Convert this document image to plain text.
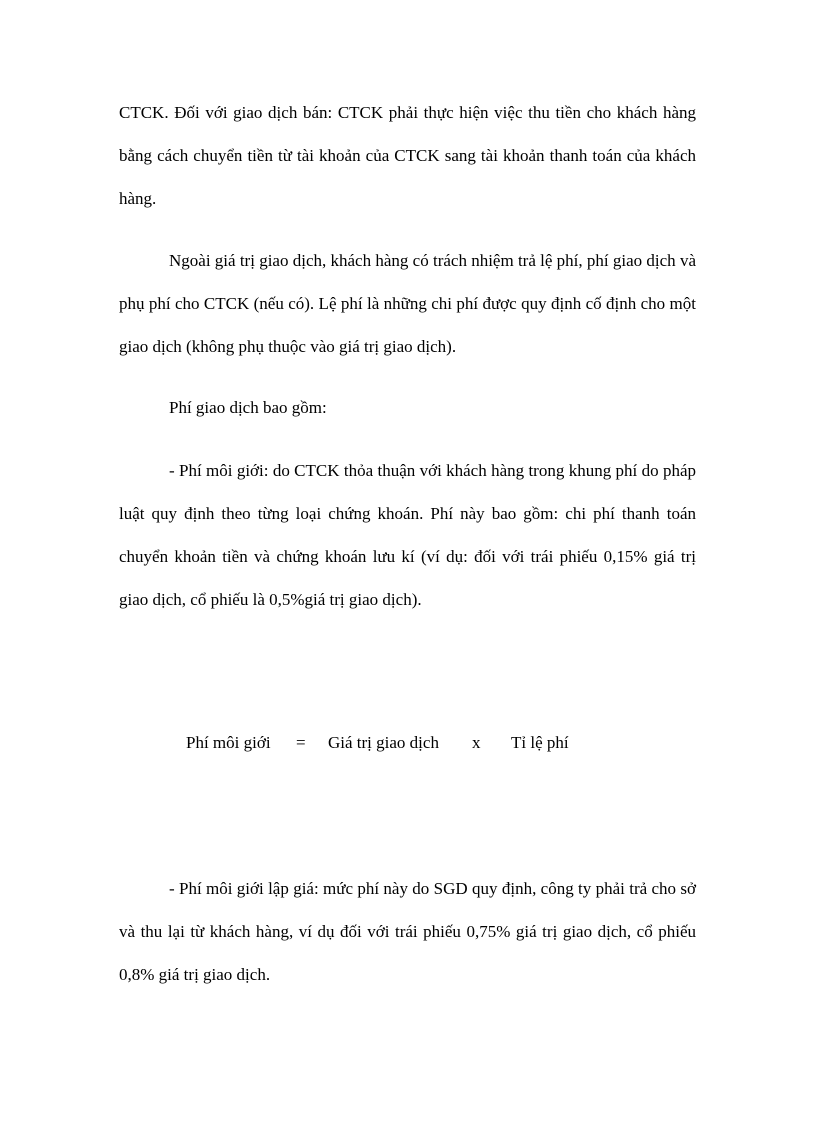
CTCK. Đối với giao dịch bán: CTCK phải thực hiện việc thu tiền cho khách hàng bằng cách chuyển tiền từ tài khoản của CTCK sang tài khoản thanh toán của khách hàng.

Ngoài giá trị giao dịch, khách hàng có trách nhiệm trả lệ phí, phí giao dịch và phụ phí cho CTCK (nếu có). Lệ phí là những chi phí được quy định cố định cho một giao dịch (không phụ thuộc vào giá trị giao dịch).

Phí giao dịch bao gồm:

- Phí môi giới: do CTCK thỏa thuận với khách hàng trong khung phí do pháp luật quy định theo từng loại chứng khoán. Phí này bao gồm: chi phí thanh toán chuyển khoản tiền và chứng khoán lưu kí (ví dụ: đối với trái phiếu 0,15% giá trị giao dịch, cổ phiếu là 0,5%giá trị giao dịch).

Phí môi giới = Giá trị giao dịch x Tỉ lệ phí

- Phí môi giới lập giá: mức phí này do SGD quy định, công ty phải trả cho sở và thu lại từ khách hàng, ví dụ đối với trái phiếu 0,75% giá trị giao dịch, cổ phiếu 0,8% giá trị giao dịch.
